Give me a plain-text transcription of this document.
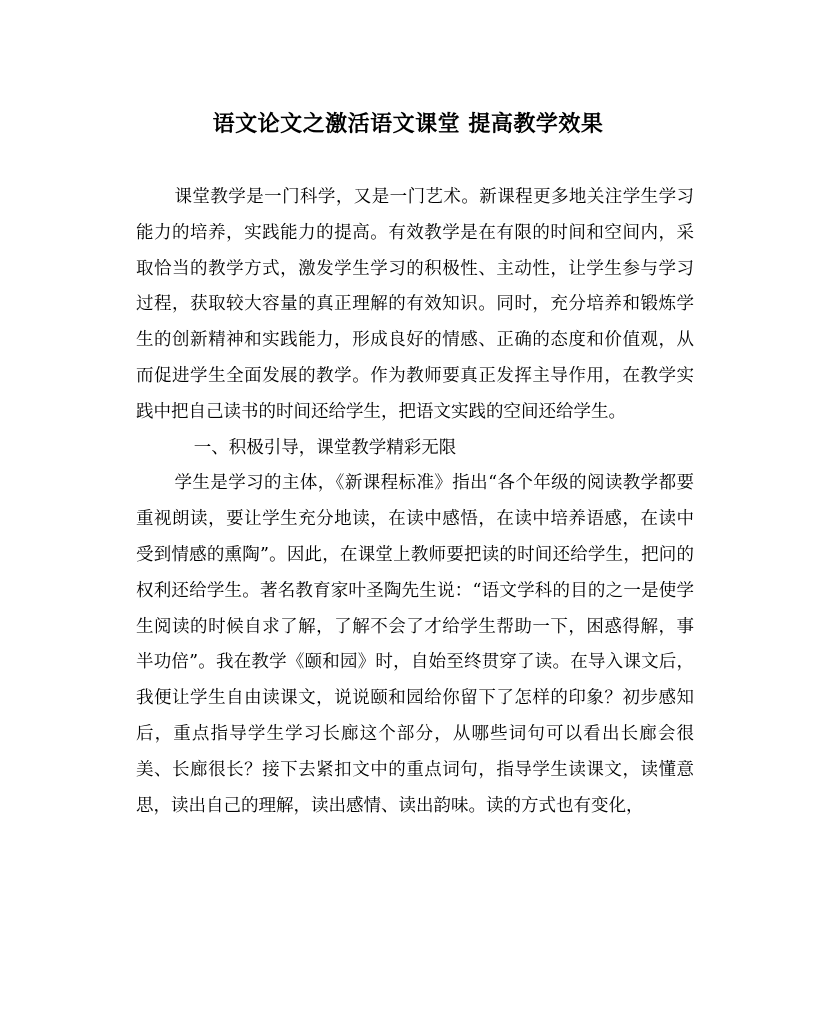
语文论文之激活语文课堂 提高教学效果

课堂教学是一门科学，又是一门艺术。新课程更多地关注学生学习能力的培养，实践能力的提高。有效教学是在有限的时间和空间内，采取恰当的教学方式，激发学生学习的积极性、主动性，让学生参与学习过程，获取较大容量的真正理解的有效知识。同时，充分培养和锻炼学生的创新精神和实践能力，形成良好的情感、正确的态度和价值观，从而促进学生全面发展的教学。作为教师要真正发挥主导作用，在教学实践中把自己读书的时间还给学生，把语文实践的空间还给学生。

一、积极引导，课堂教学精彩无限

学生是学习的主体，《新课程标准》指出“各个年级的阅读教学都要重视朗读，要让学生充分地读，在读中感悟，在读中培养语感，在读中受到情感的熏陶”。因此，在课堂上教师要把读的时间还给学生，把问的权利还给学生。著名教育家叶圣陶先生说：“语文学科的目的之一是使学生阅读的时候自求了解，了解不会了才给学生帮助一下，困惑得解，事半功倍”。我在教学《颐和园》时，自始至终贯穿了读。在导入课文后，我便让学生自由读课文，说说颐和园给你留下了怎样的印象？初步感知后，重点指导学生学习长廊这个部分，从哪些词句可以看出长廊会很美、长廊很长？接下去紧扣文中的重点词句，指导学生读课文，读懂意思，读出自己的理解，读出感情、读出韵味。读的方式也有变化，
